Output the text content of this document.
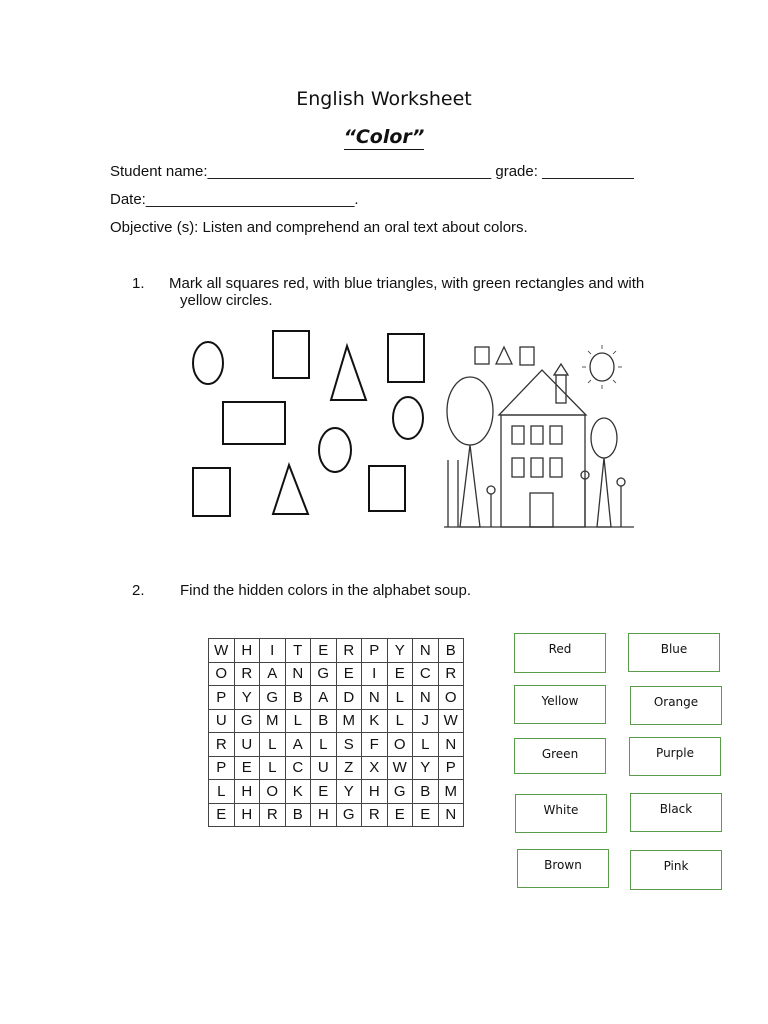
English Worksheet
“Color”
Student name:__________________________________ grade: ___________
Date:_________________________.
Objective (s): Listen and comprehend an oral text about colors.
1. Mark all squares red, with blue triangles, with green rectangles and with
yellow circles.
2. Find the hidden colors in the alphabet soup.
W	H	I	T	E	R	P	Y	N	B
O	R	A	N	G	E	I	E	C	R
P	Y	G	B	A	D	N	L	N	O
U	G	M	L	B	M	K	L	J	W
R	U	L	A	L	S	F	O	L	N
P	E	L	C	U	Z	X	W	Y	P
L	H	O	K	E	Y	H	G	B	M
E	H	R	B	H	G	R	E	E	N
Red
Yellow
Green
White
Brown
Blue
Orange
Purple
Black
Pink
